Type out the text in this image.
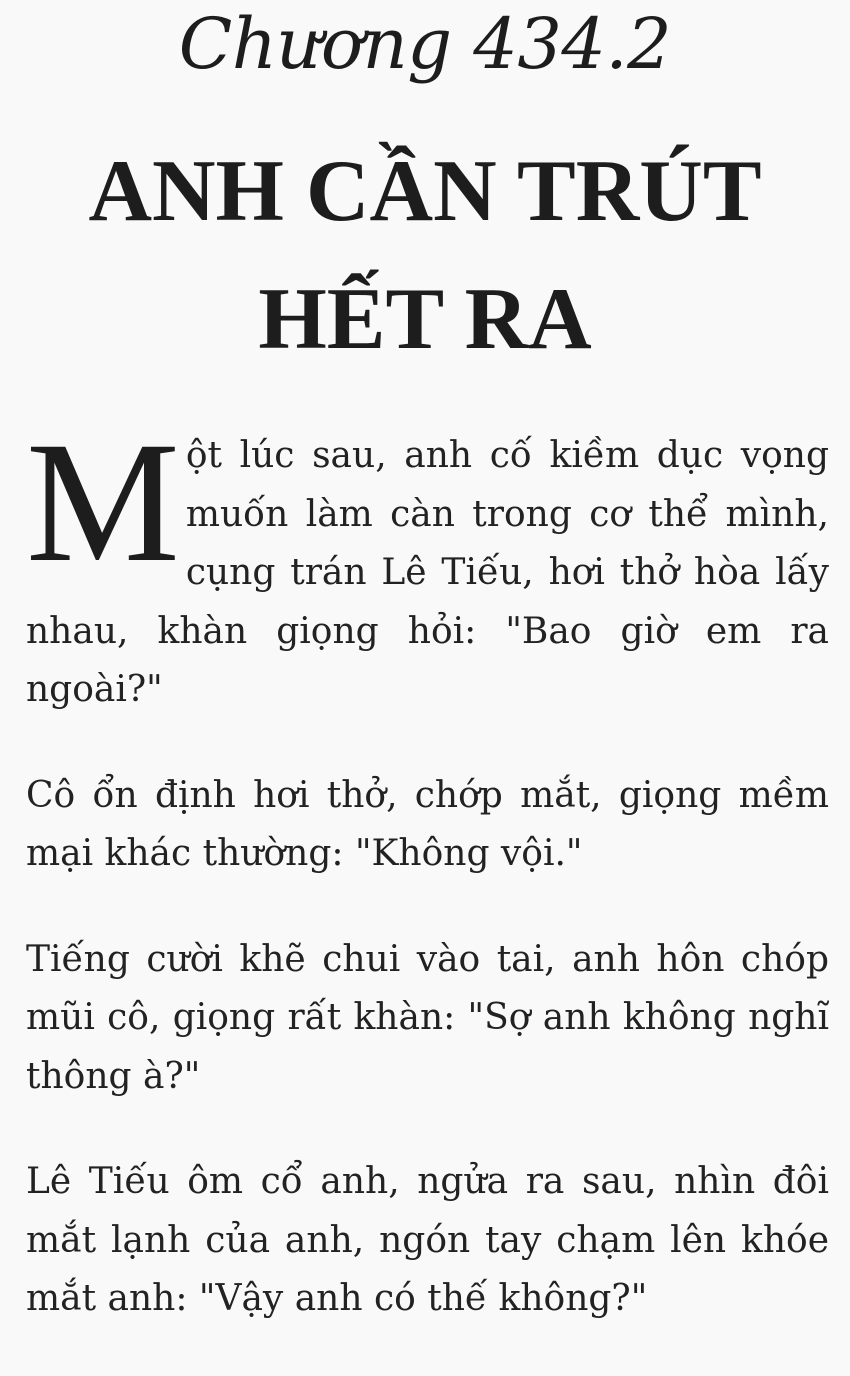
Chương 434.2
ANH CẦN TRÚT HẾT RA

Một lúc sau, anh cố kiềm dục vọng muốn làm càn trong cơ thể mình, cụng trán Lê Tiếu, hơi thở hòa lấy nhau, khàn giọng hỏi: "Bao giờ em ra ngoài?"

Cô ổn định hơi thở, chớp mắt, giọng mềm mại khác thường: "Không vội."

Tiếng cười khẽ chui vào tai, anh hôn chóp mũi cô, giọng rất khàn: "Sợ anh không nghĩ thông à?"

Lê Tiếu ôm cổ anh, ngửa ra sau, nhìn đôi mắt lạnh của anh, ngón tay chạm lên khóe mắt anh: "Vậy anh có thế không?"
